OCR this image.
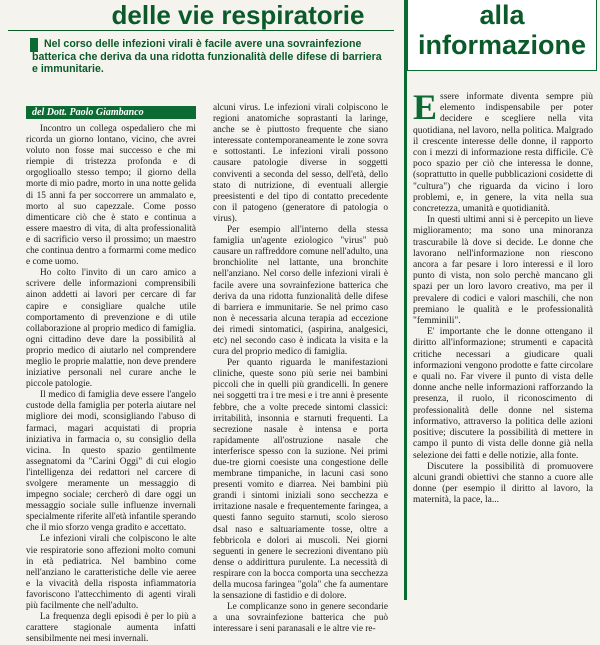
delle vie respiratorie
Nel corso delle infezioni virali è facile avere una sovrainfezione batterica che deriva da una ridotta funzionalità delle difese di barriera e immunitarie.
del Dott. Paolo Giambanco

Incontro un collega ospedaliero che mi ricorda un giorno lontano, vicino, che avrei voluto non fosse mai successo e che mi riempie di tristezza profonda e di orgoglioallo stesso tempo; il giorno della morte di mio padre, morto in una notte gelida di 15 anni fa per soccorrere un ammalato e, morto al suo capezzale. Come posso dimenticare ciò che è stato e continua a essere maestro di vita, di alta professionalità e di sacrificio verso il prossimo; un maestro che continua dentro a formarmi come medico e come uomo.

Ho colto l'invito di un caro amico a scrivere delle informazioni comprensibili ainon addetti ai lavori per cercare di far capire e consigliare qualche utile comportamento di prevenzione e di utile collaborazione al proprio medico di famiglia. ogni cittadino deve dare la possibilità al proprio medico di aiutarlo nel comprendere meglio le proprie malattie, non deve prendere iniziative personali nel curare anche le piccole patologie.

Il medico di famiglia deve essere l'angelo custode della famiglia per poterla aiutare nel migliore dei modi, sconsigliando l'abuso di farmaci, magari acquistati di propria iniziativa in farmacia o, su consiglio della vicina. In questo spazio gentilmente assegnatomi da "Carini Oggi" di cui elogio l'intelligenza dei redattori nel carcere di svolgere meramente un messaggio di impegno sociale; cercherò di dare oggi un messaggio sociale sulle influenze invernali specialmente riferite all'età infantile sperando che il mio sforzo venga gradito e accettato.

Le infezioni virali che colpiscono le alte vie respiratorie sono affezioni molto comuni in età pediatrica. Nel bambino come nell'anziano le caratteristiche delle vie aeree e la vivacità della risposta infiammatoria favoriscono l'attecchimento di agenti virali più facilmente che nell'adulto.

La frequenza degli episodi è per lo più a carattere stagionale aumenta infatti sensibilmente nei mesi invernali.

alcuni virus. Le infezioni virali colpiscono le regioni anatomiche soprastanti la laringe, anche se è piuttosto frequente che siano interessate contemporaneamente le zone sovra e sottostanti. Le infezioni virali possono causare patologie diverse in soggetti conviventi a seconda del sesso, dell'età, dello stato di nutrizione, di eventuali allergie preesistenti e del tipo di contatto precedente con il patogeno (generatore di patologia o virus).

Per esempio all'interno della stessa famiglia un'agente eziologico "virus" può causare un raffreddore comune nell'adulto, una bronchiolite nel lattante, una bronchite nell'anziano. Nel corso delle infezioni virali è facile avere una sovrainfezione batterica che deriva da una ridotta funzionalità delle difese di barriera e immunitarie. Se nel primo caso non è necessaria alcuna terapia ad eccezione dei rimedi sintomatici, (aspirina, analgesici, etc) nel secondo caso è indicata la visita e la cura del proprio medico di famiglia.

Per quanto riguarda le manifestazioni cliniche, queste sono più serie nei bambini piccoli che in quelli più grandicelli. In genere nei soggetti tra i tre mesi e i tre anni è presente febbre, che a volte precede sintomi classici: irritabilità, insonnia e starnuti frequenti. La secrezione nasale è intensa e porta rapidamente all'ostruzione nasale che interferisce spesso con la suzione. Nei primi due-tre giorni coesiste una congestione delle membrane timpaniche, in lacuni casi sono presenti vomito e diarrea. Nei bambini più grandi i sintomi iniziali sono secchezza e irritazione nasale e frequentemente faringea, a questi fanno seguito starnuti, scolo sieroso dsal naso e saltuariamente tosse, oltre a febbricola e dolori ai muscoli. Nei giorni seguenti in genere le secrezioni diventano più dense o addirittura purulente. La necessità di respirare con la bocca comporta una secchezza della mucosa faringea "gola" che fa aumentare la sensazione di fastidio e di dolore.

Le complicanze sono in genere secondarie a una sovrainfezione batterica che può interessare i seni paranasali e le altre vie re-

alla
informazione

Essere informate diventa sempre più elemento indispensabile per poter decidere e scegliere nella vita quotidiana, nel lavoro, nella politica. Malgrado il crescente interesse delle donne, il rapporto con i mezzi di informazione resta difficile. C'è poco spazio per ciò che interessa le donne, (soprattutto in quelle pubblicazioni cosidette di "cultura") che riguarda da vicino i loro problemi, e, in genere, la vita nella sua concretezza, umanità e quotidianità.

In questi ultimi anni si è percepito un lieve miglioramento; ma sono una minoranza trascurabile là dove si decide. Le donne che lavorano nell'informazione non riescono ancora a far pesare i loro interessi e il loro punto di vista, non solo perchè mancano gli spazi per un loro lavoro creativo, ma per il prevalere di codici e valori maschili, che non premiano le qualità e le professionalità "femminili".

E' importante che le donne ottengano il diritto all'informazione; strumenti e capacità critiche necessari a giudicare quali informazioni vengono prodotte e fatte circolare e quali no. Far vivere il punto di vista delle donne anche nelle informazioni rafforzando la presenza, il ruolo, il riconoscimento di professionalità delle donne nel sistema informativo, attraverso la politica delle azioni positive; discutere la possibilità di mettere in campo il punto di vista delle donne già nella selezione dei fatti e delle notizie, alla fonte.

Discutere la possibilità di promuovere alcuni grandi obiettivi che stanno a cuore alle donne (per esempio il diritto al lavoro, la maternità, la pace, la...
